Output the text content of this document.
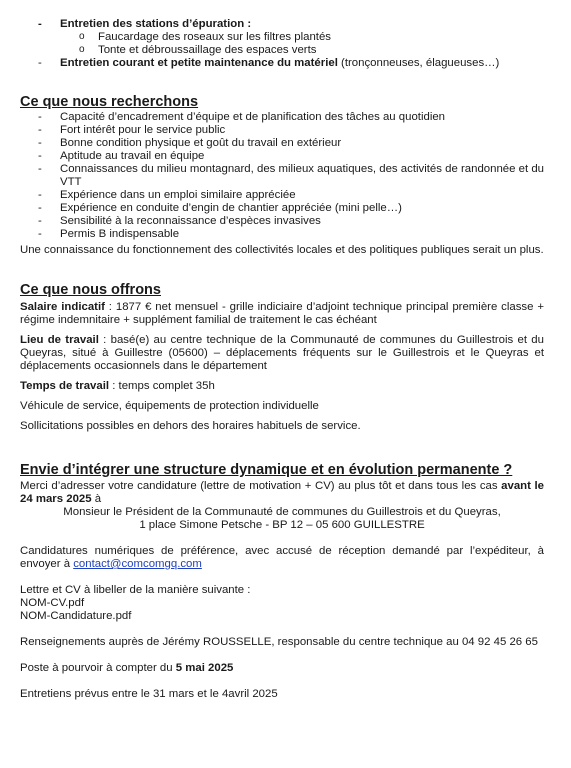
- Entretien des stations d’épuration :
o Faucardage des roseaux sur les filtres plantés
o Tonte et débroussaillage des espaces verts
- Entretien courant et petite maintenance du matériel (tronçonneuses, élagueuses…)
Ce que nous recherchons
- Capacité d’encadrement d’équipe et de planification des tâches au quotidien
- Fort intérêt pour le service public
- Bonne condition physique et goût du travail en extérieur
- Aptitude au travail en équipe
- Connaissances du milieu montagnard, des milieux aquatiques, des activités de randonnée et du VTT
- Expérience dans un emploi similaire appréciée
- Expérience en conduite d’engin de chantier appréciée (mini pelle…)
- Sensibilité à la reconnaissance d’espèces invasives
- Permis B indispensable

Une connaissance du fonctionnement des collectivités locales et des politiques publiques serait un plus.

Ce que nous offrons

Salaire indicatif : 1877 € net mensuel - grille indiciaire d’adjoint technique principal première classe + régime indemnitaire + supplément familial de traitement le cas échéant

Lieu de travail : basé(e) au centre technique de la Communauté de communes du Guillestrois et du Queyras, situé à Guillestre (05600) – déplacements fréquents sur le Guillestrois et le Queyras et déplacements occasionnels dans le département

Temps de travail : temps complet 35h

Véhicule de service, équipements de protection individuelle

Sollicitations possibles en dehors des horaires habituels de service.

Envie d’intégrer une structure dynamique et en évolution permanente ?

Merci d’adresser votre candidature (lettre de motivation + CV) au plus tôt et dans tous les cas avant le 24 mars 2025 à

Monsieur le Président de la Communauté de communes du Guillestrois et du Queyras,

1 place Simone Petsche - BP 12 – 05 600 GUILLESTRE

Candidatures numériques de préférence, avec accusé de réception demandé par l’expéditeur, à envoyer à contact@comcomgq.com

Lettre et CV à libeller de la manière suivante :

NOM-CV.pdf

NOM-Candidature.pdf

Renseignements auprès de Jérémy ROUSSELLE, responsable du centre technique au 04 92 45 26 65

Poste à pourvoir à compter du 5 mai 2025

Entretiens prévus entre le 31 mars et le 4avril 2025
